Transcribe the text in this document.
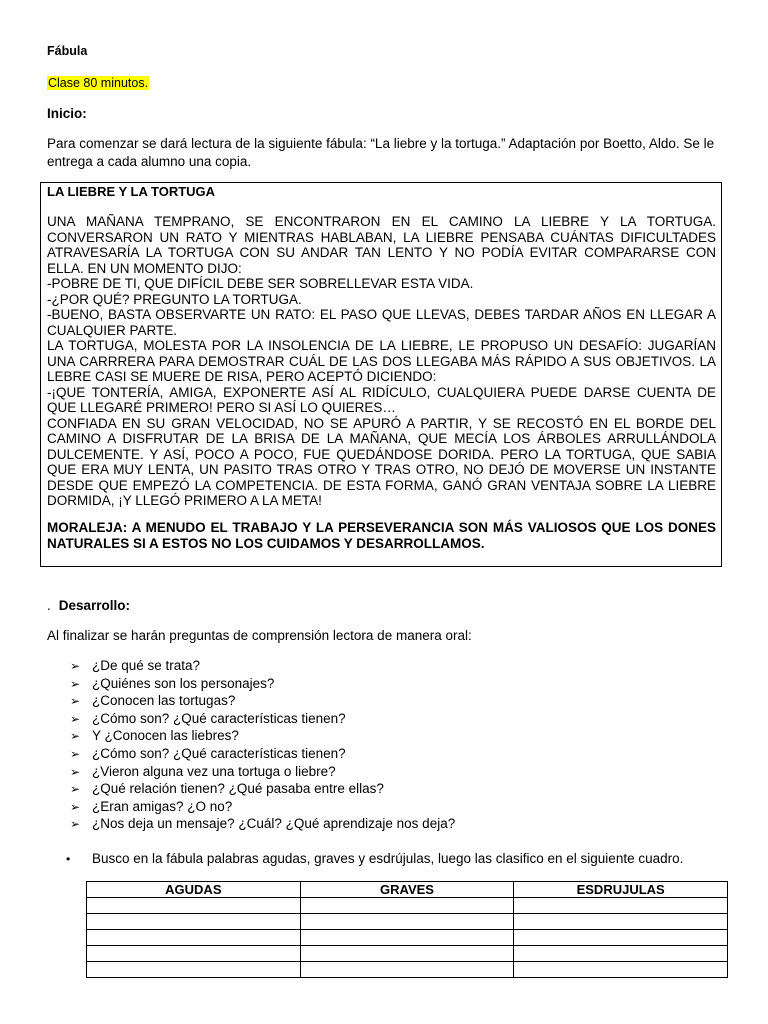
Fábula
Clase 80 minutos.
Inicio:
Para comenzar se dará lectura de la siguiente fábula: “La liebre y la tortuga.” Adaptación por Boetto, Aldo. Se le entrega a cada alumno una copia.
LA LIEBRE Y LA TORTUGA

UNA MAÑANA TEMPRANO, SE ENCONTRARON EN EL CAMINO LA LIEBRE Y LA TORTUGA. CONVERSARON UN RATO Y MIENTRAS HABLABAN, LA LIEBRE PENSABA CUÁNTAS DIFICULTADES ATRAVESARÍA LA TORTUGA CON SU ANDAR TAN LENTO Y NO PODÍA EVITAR COMPARARSE CON ELLA. EN UN MOMENTO DIJO:

-POBRE DE TI, QUE DIFÍCIL DEBE SER SOBRELLEVAR ESTA VIDA.

-¿POR QUÉ? PREGUNTO LA TORTUGA.

-BUENO, BASTA OBSERVARTE UN RATO: EL PASO QUE LLEVAS, DEBES TARDAR AÑOS EN LLEGAR A CUALQUIER PARTE.

LA TORTUGA, MOLESTA POR LA INSOLENCIA DE LA LIEBRE, LE PROPUSO UN DESAFÍO: JUGARÍAN UNA CARRRERA PARA DEMOSTRAR CUÁL DE LAS DOS LLEGABA MÁS RÁPIDO A SUS OBJETIVOS. LA LEBRE CASI SE MUERE DE RISA, PERO ACEPTÓ DICIENDO:

-¡QUE TONTERÍA, AMIGA, EXPONERTE ASÍ AL RIDÍCULO, CUALQUIERA PUEDE DARSE CUENTA DE QUE LLEGARÉ PRIMERO! PERO SI ASÍ LO QUIERES…

CONFIADA EN SU GRAN VELOCIDAD, NO SE APURÓ A PARTIR, Y SE RECOSTÓ EN EL BORDE DEL CAMINO A DISFRUTAR DE LA BRISA DE LA MAÑANA, QUE MECÍA LOS ÁRBOLES ARRULLÁNDOLA DULCEMENTE. Y ASÍ, POCO A POCO, FUE QUEDÁNDOSE DORIDA. PERO LA TORTUGA, QUE SABIA QUE ERA MUY LENTA, UN PASITO TRAS OTRO Y TRAS OTRO, NO DEJÓ DE MOVERSE UN INSTANTE DESDE QUE EMPEZÓ LA COMPETENCIA. DE ESTA FORMA, GANÓ GRAN VENTAJA SOBRE LA LIEBRE DORMIDA, ¡Y LLEGÓ PRIMERO A LA META!

MORALEJA: A MENUDO EL TRABAJO Y LA PERSEVERANCIA SON MÁS VALIOSOS QUE LOS DONES NATURALES SI A ESTOS NO LOS CUIDAMOS Y DESARROLLAMOS.
. Desarrollo:
Al finalizar se harán preguntas de comprensión lectora de manera oral:
➢ ¿De qué se trata?
➢ ¿Quiénes son los personajes?
➢ ¿Conocen las tortugas?
➢ ¿Cómo son? ¿Qué características tienen?
➢ Y ¿Conocen las liebres?
➢ ¿Cómo son? ¿Qué características tienen?
➢ ¿Vieron alguna vez una tortuga o liebre?
➢ ¿Qué relación tienen? ¿Qué pasaba entre ellas?
➢ ¿Eran amigas? ¿O no?
➢ ¿Nos deja un mensaje? ¿Cuál? ¿Qué aprendizaje nos deja?
• Busco en la fábula palabras agudas, graves y esdrújulas, luego las clasifico en el siguiente cuadro.
AGUDAS	GRAVES	ESDRUJULAS
